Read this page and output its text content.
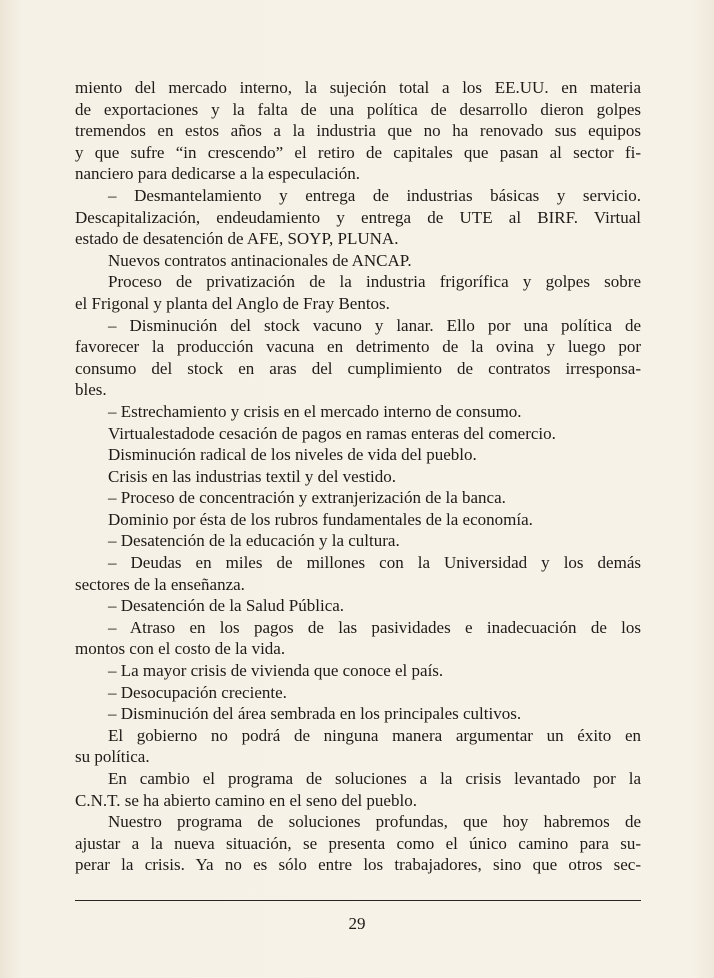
miento del mercado interno, la sujeción total a los EE.UU. en materia
de exportaciones y la falta de una política de desarrollo dieron golpes
tremendos en estos años a la industria que no ha renovado sus equipos
y que sufre “in crescendo” el retiro de capitales que pasan al sector fi-
nanciero para dedicarse a la especulación.
– Desmantelamiento y entrega de industrias básicas y servicio.
Descapitalización, endeudamiento y entrega de UTE al BIRF. Virtual
estado de desatención de AFE, SOYP, PLUNA.
Nuevos contratos antinacionales de ANCAP.
Proceso de privatización de la industria frigorífica y golpes sobre
el Frigonal y planta del Anglo de Fray Bentos.
– Disminución del stock vacuno y lanar. Ello por una política de
favorecer la producción vacuna en detrimento de la ovina y luego por
consumo del stock en aras del cumplimiento de contratos irresponsa-
bles.
– Estrechamiento y crisis en el mercado interno de consumo.
Virtualestadode cesación de pagos en ramas enteras del comercio.
Disminución radical de los niveles de vida del pueblo.
Crisis en las industrias textil y del vestido.
– Proceso de concentración y extranjerización de la banca.
Dominio por ésta de los rubros fundamentales de la economía.
– Desatención de la educación y la cultura.
– Deudas en miles de millones con la Universidad y los demás
sectores de la enseñanza.
– Desatención de la Salud Pública.
– Atraso en los pagos de las pasividades e inadecuación de los
montos con el costo de la vida.
– La mayor crisis de vivienda que conoce el país.
– Desocupación creciente.
– Disminución del área sembrada en los principales cultivos.
El gobierno no podrá de ninguna manera argumentar un éxito en
su política.
En cambio el programa de soluciones a la crisis levantado por la
C.N.T. se ha abierto camino en el seno del pueblo.
Nuestro programa de soluciones profundas, que hoy habremos de
ajustar a la nueva situación, se presenta como el único camino para su-
perar la crisis. Ya no es sólo entre los trabajadores, sino que otros sec-
29
